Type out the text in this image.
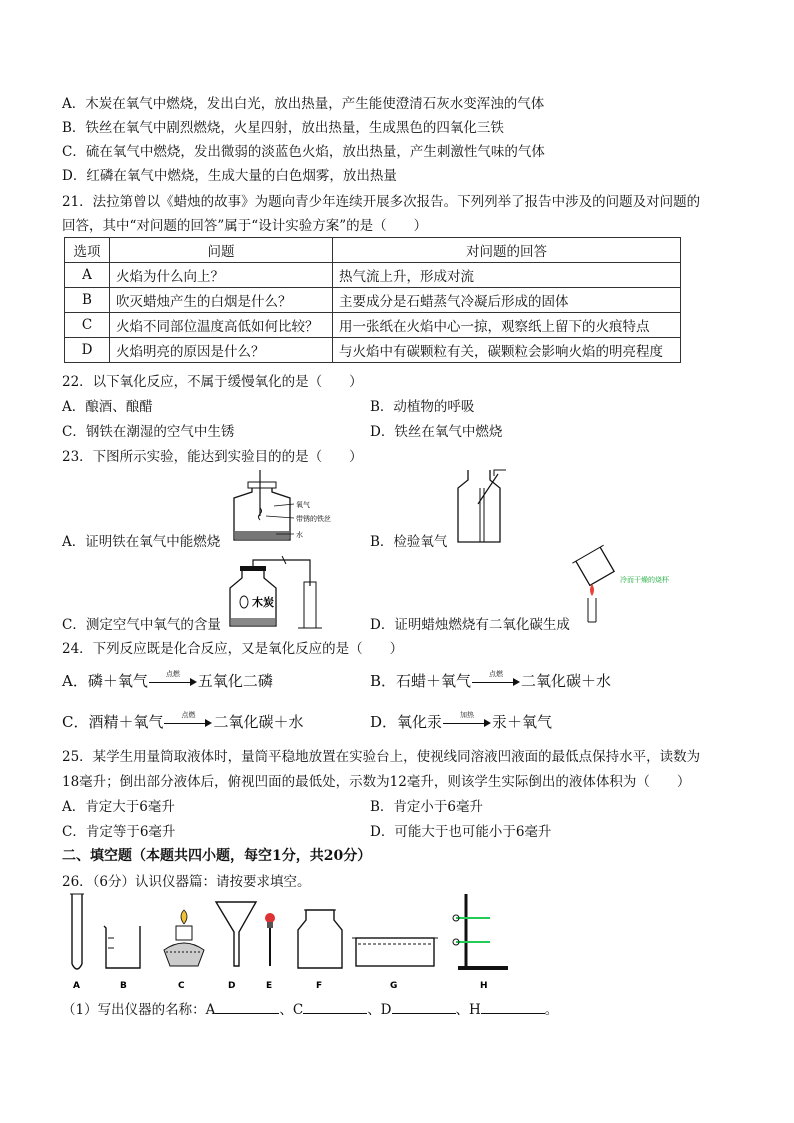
A．木炭在氧气中燃烧，发出白光，放出热量，产生能使澄清石灰水变浑浊的气体
B．铁丝在氧气中剧烈燃烧，火星四射，放出热量，生成黑色的四氧化三铁
C．硫在氧气中燃烧，发出微弱的淡蓝色火焰，放出热量，产生刺激性气味的气体
D．红磷在氧气中燃烧，生成大量的白色烟雾，放出热量
21．法拉第曾以《蜡烛的故事》为题向青少年连续开展多次报告。下列列举了报告中涉及的问题及对问题的
回答，其中“对问题的回答”属于“设计实验方案”的是（　　）
选项	问题	对问题的回答
A	火焰为什么向上？	热气流上升，形成对流
B	吹灭蜡烛产生的白烟是什么？	主要成分是石蜡蒸气冷凝后形成的固体
C	火焰不同部位温度高低如何比较？	用一张纸在火焰中心一掠，观察纸上留下的火痕特点
D	火焰明亮的原因是什么？	与火焰中有碳颗粒有关，碳颗粒会影响火焰的明亮程度
22．以下氧化反应，不属于缓慢氧化的是（　　）
A．酿酒、酿醋	B．动植物的呼吸
C．钢铁在潮湿的空气中生锈	D．铁丝在氧气中燃烧
23．下图所示实验，能达到实验目的的是（　　）
A．证明铁在氧气中能燃烧	B．检验氧气
C．测定空气中氧气的含量	D．证明蜡烛燃烧有二氧化碳生成
氧气
带锈的铁丝
水
木炭
冷而干燥的烧杯
24．下列反应既是化合反应，又是氧化反应的是（　　）
A．磷＋氧气	点燃	五氧化二磷	B．石蜡＋氧气	点燃	二氧化碳＋水
C．酒精＋氧气	点燃	二氧化碳＋水	D．氧化汞	加热	汞＋氧气
25．某学生用量筒取液体时，量筒平稳地放置在实验台上，使视线同溶液凹液面的最低点保持水平，读数为
18毫升；倒出部分液体后，俯视凹面的最低处，示数为12毫升，则该学生实际倒出的液体体积为（　　）
A．肯定大于6毫升	B．肯定小于6毫升
C．肯定等于6毫升	D．可能大于也可能小于6毫升
二、填空题（本题共四小题，每空1分，共20分）
26．（6分）认识仪器篇：请按要求填空。
A	B	C	D	E	F	G	H
（1）写出仪器的名称：A	、C	、D	、H	。
